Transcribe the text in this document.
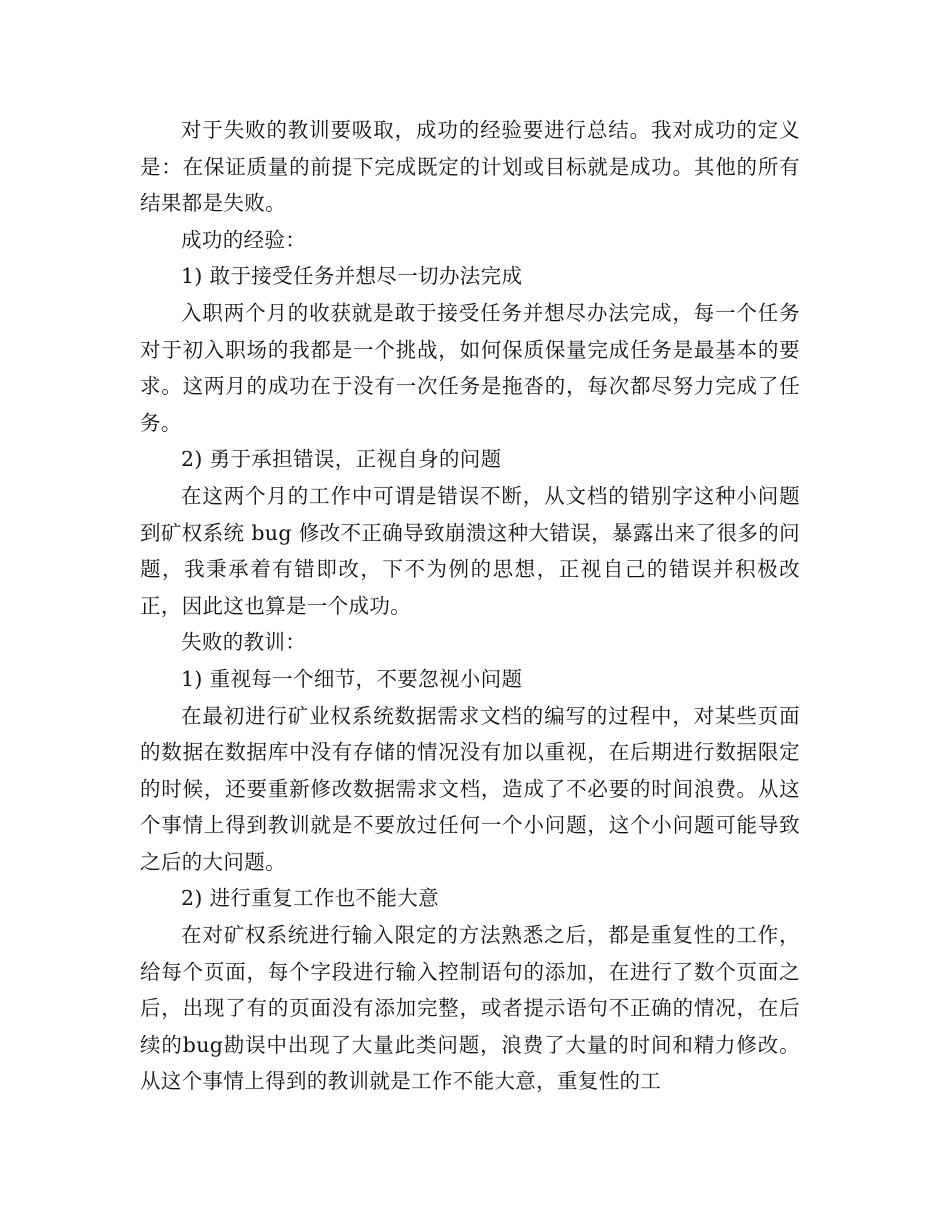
对于失败的教训要吸取，成功的经验要进行总结。我对成功的定义是：在保证质量的前提下完成既定的计划或目标就是成功。其他的所有结果都是失败。

成功的经验：

1) 敢于接受任务并想尽一切办法完成

入职两个月的收获就是敢于接受任务并想尽办法完成，每一个任务对于初入职场的我都是一个挑战，如何保质保量完成任务是最基本的要求。这两月的成功在于没有一次任务是拖沓的，每次都尽努力完成了任务。

2) 勇于承担错误，正视自身的问题

在这两个月的工作中可谓是错误不断，从文档的错别字这种小问题到矿权系统 bug 修改不正确导致崩溃这种大错误，暴露出来了很多的问题，我秉承着有错即改，下不为例的思想，正视自己的错误并积极改正，因此这也算是一个成功。

失败的教训：

1) 重视每一个细节，不要忽视小问题

在最初进行矿业权系统数据需求文档的编写的过程中，对某些页面的数据在数据库中没有存储的情况没有加以重视，在后期进行数据限定的时候，还要重新修改数据需求文档，造成了不必要的时间浪费。从这个事情上得到教训就是不要放过任何一个小问题，这个小问题可能导致之后的大问题。

2) 进行重复工作也不能大意

在对矿权系统进行输入限定的方法熟悉之后，都是重复性的工作，给每个页面，每个字段进行输入控制语句的添加，在进行了数个页面之后，出现了有的页面没有添加完整，或者提示语句不正确的情况，在后续的bug勘误中出现了大量此类问题，浪费了大量的时间和精力修改。从这个事情上得到的教训就是工作不能大意，重复性的工
